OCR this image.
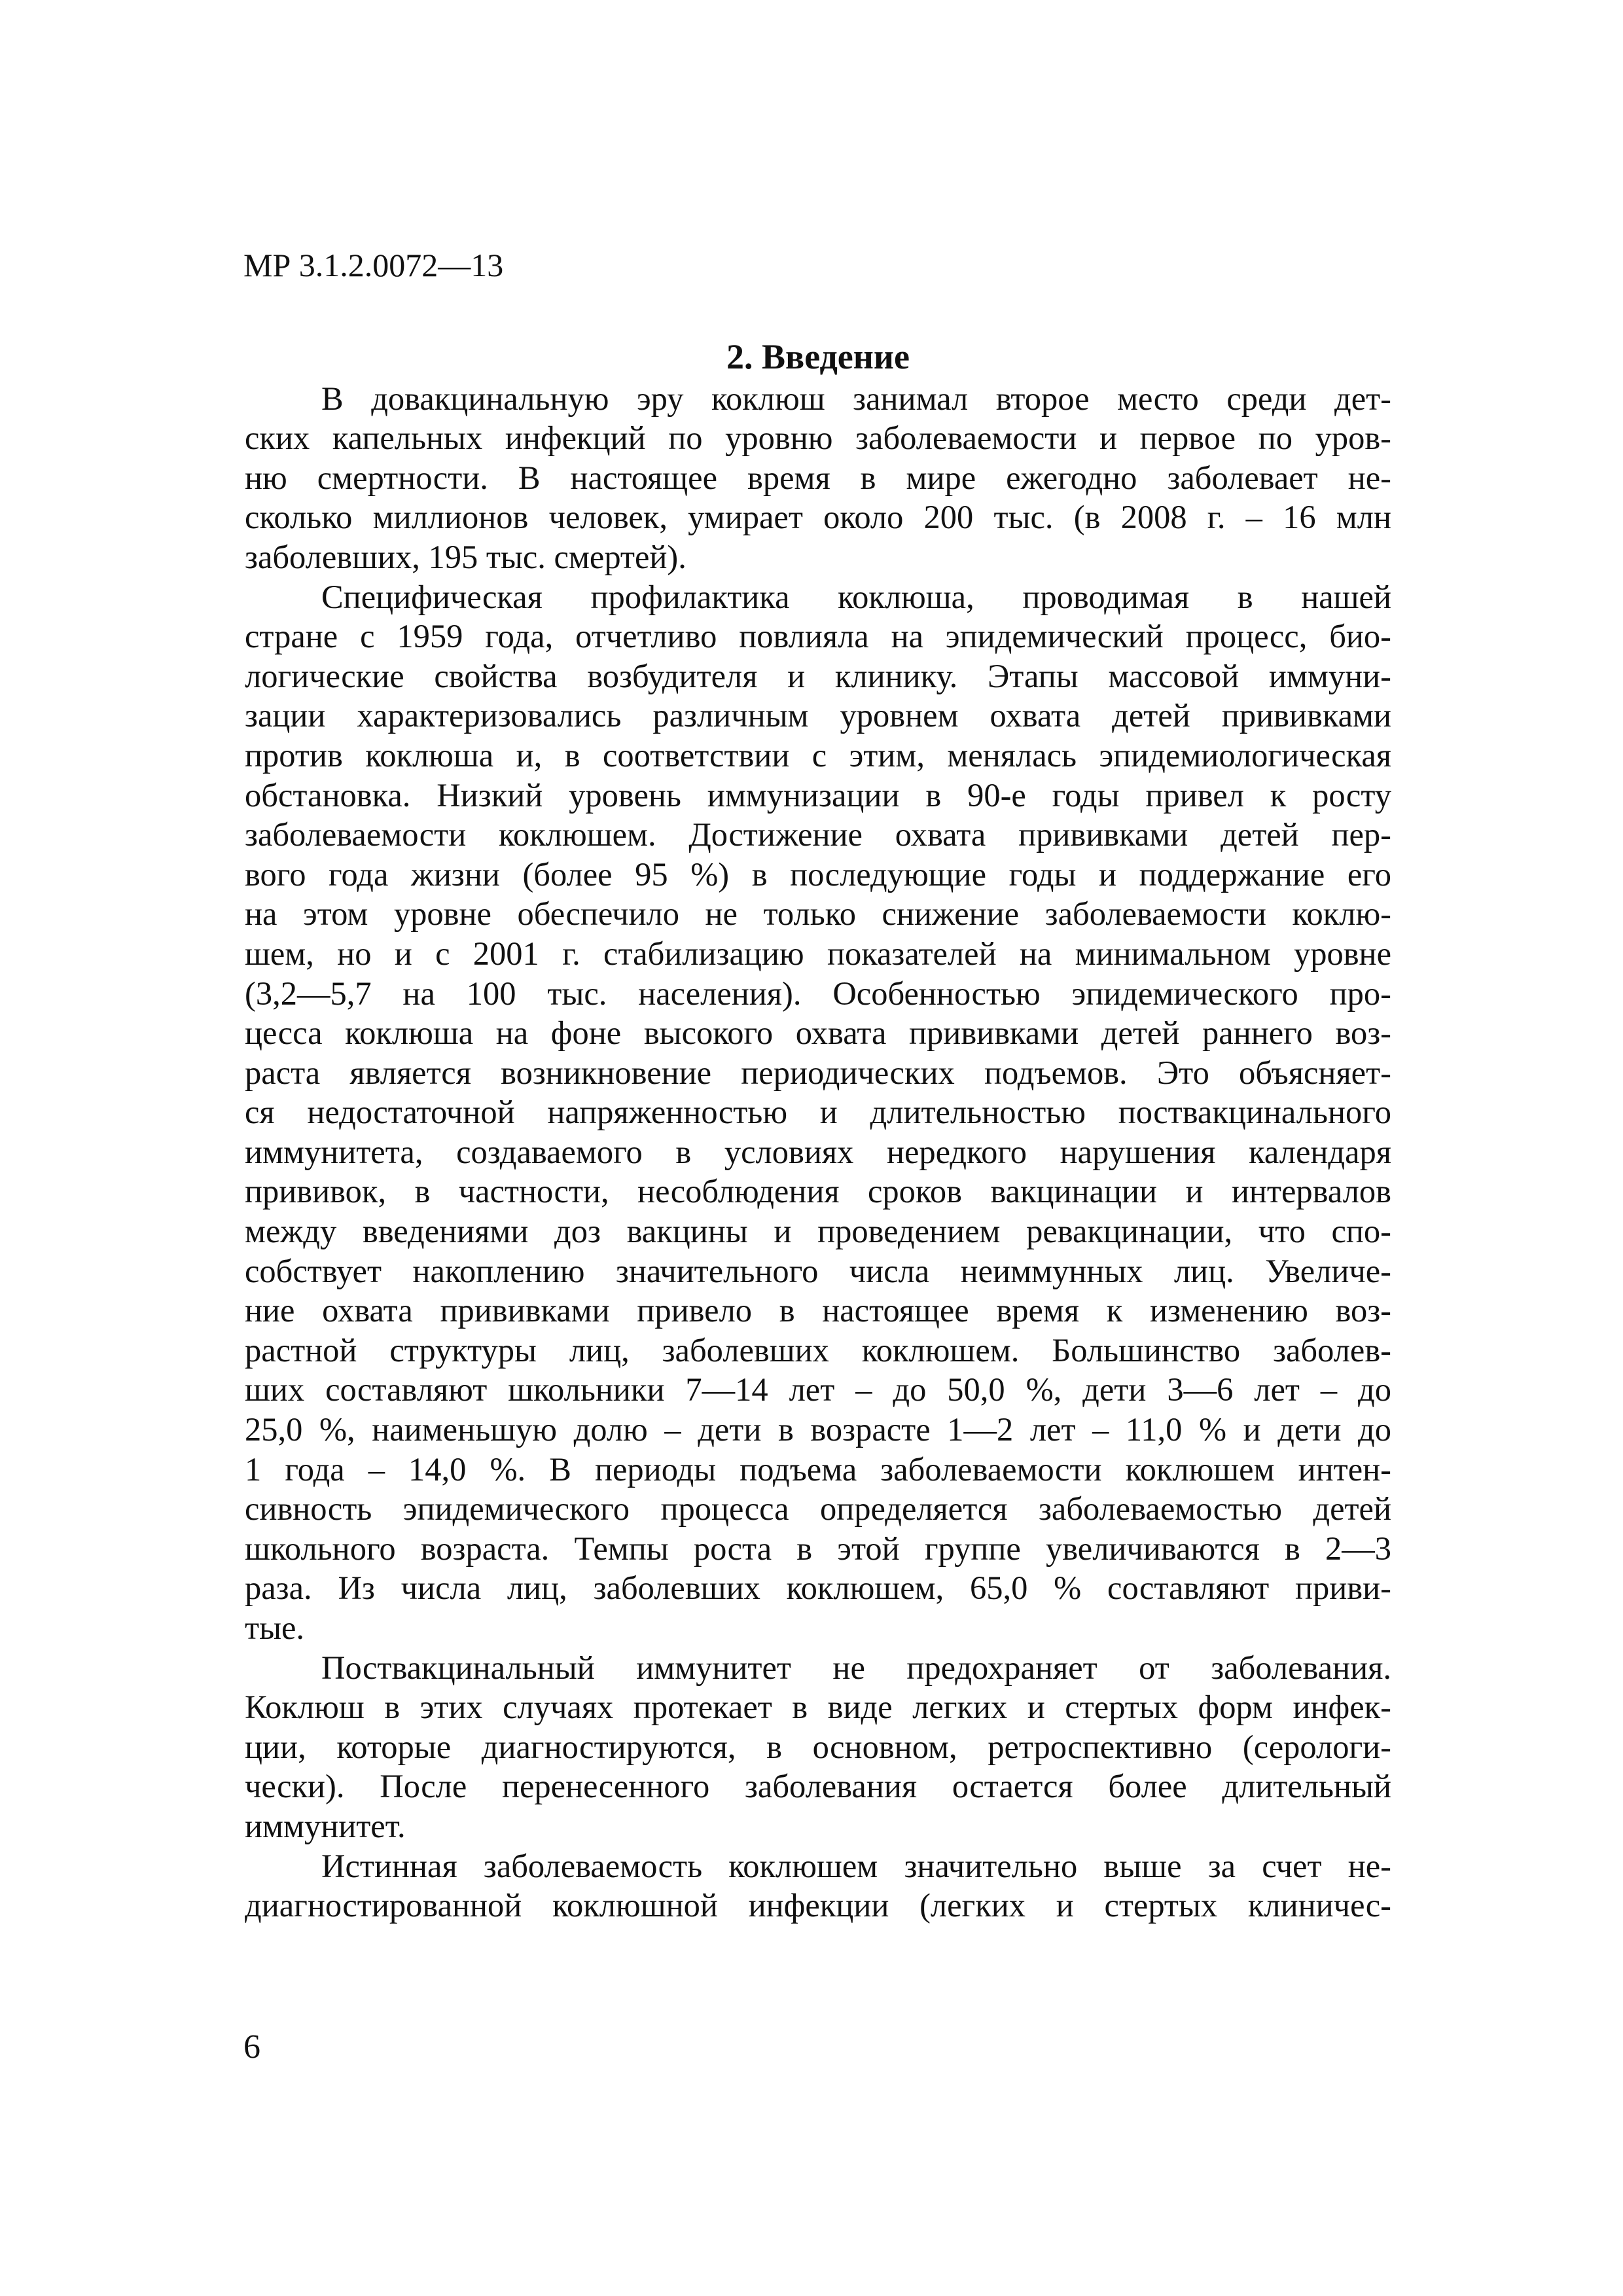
МР 3.1.2.0072—13
2. Введение
В довакцинальную эру коклюш занимал второе место среди дет-
ских капельных инфекций по уровню заболеваемости и первое по уров-
ню смертности. В настоящее время в мире ежегодно заболевает не-
сколько миллионов человек, умирает около 200 тыс. (в 2008 г. – 16 млн
заболевших, 195 тыс. смертей).
Специфическая профилактика коклюша, проводимая в нашей
стране с 1959 года, отчетливо повлияла на эпидемический процесс, био-
логические свойства возбудителя и клинику. Этапы массовой иммуни-
зации характеризовались различным уровнем охвата детей прививками
против коклюша и, в соответствии с этим, менялась эпидемиологическая
обстановка. Низкий уровень иммунизации в 90-е годы привел к росту
заболеваемости коклюшем. Достижение охвата прививками детей пер-
вого года жизни (более 95 %) в последующие годы и поддержание его
на этом уровне обеспечило не только снижение заболеваемости коклю-
шем, но и с 2001 г. стабилизацию показателей на минимальном уровне
(3,2—5,7 на 100 тыс. населения). Особенностью эпидемического про-
цесса коклюша на фоне высокого охвата прививками детей раннего воз-
раста является возникновение периодических подъемов. Это объясняет-
ся недостаточной напряженностью и длительностью поствакцинального
иммунитета, создаваемого в условиях нередкого нарушения календаря
прививок, в частности, несоблюдения сроков вакцинации и интервалов
между введениями доз вакцины и проведением ревакцинации, что спо-
собствует накоплению значительного числа неиммунных лиц. Увеличе-
ние охвата прививками привело в настоящее время к изменению воз-
растной структуры лиц, заболевших коклюшем. Большинство заболев-
ших составляют школьники 7—14 лет – до 50,0 %, дети 3—6 лет – до
25,0 %, наименьшую долю – дети в возрасте 1—2 лет – 11,0 % и дети до
1 года – 14,0 %. В периоды подъема заболеваемости коклюшем интен-
сивность эпидемического процесса определяется заболеваемостью детей
школьного возраста. Темпы роста в этой группе увеличиваются в 2—3
раза. Из числа лиц, заболевших коклюшем, 65,0 % составляют приви-
тые.
Поствакцинальный иммунитет не предохраняет от заболевания.
Коклюш в этих случаях протекает в виде легких и стертых форм инфек-
ции, которые диагностируются, в основном, ретроспективно (серологи-
чески). После перенесенного заболевания остается более длительный
иммунитет.
Истинная заболеваемость коклюшем значительно выше за счет не-
диагностированной коклюшной инфекции (легких и стертых клиничес-
6
